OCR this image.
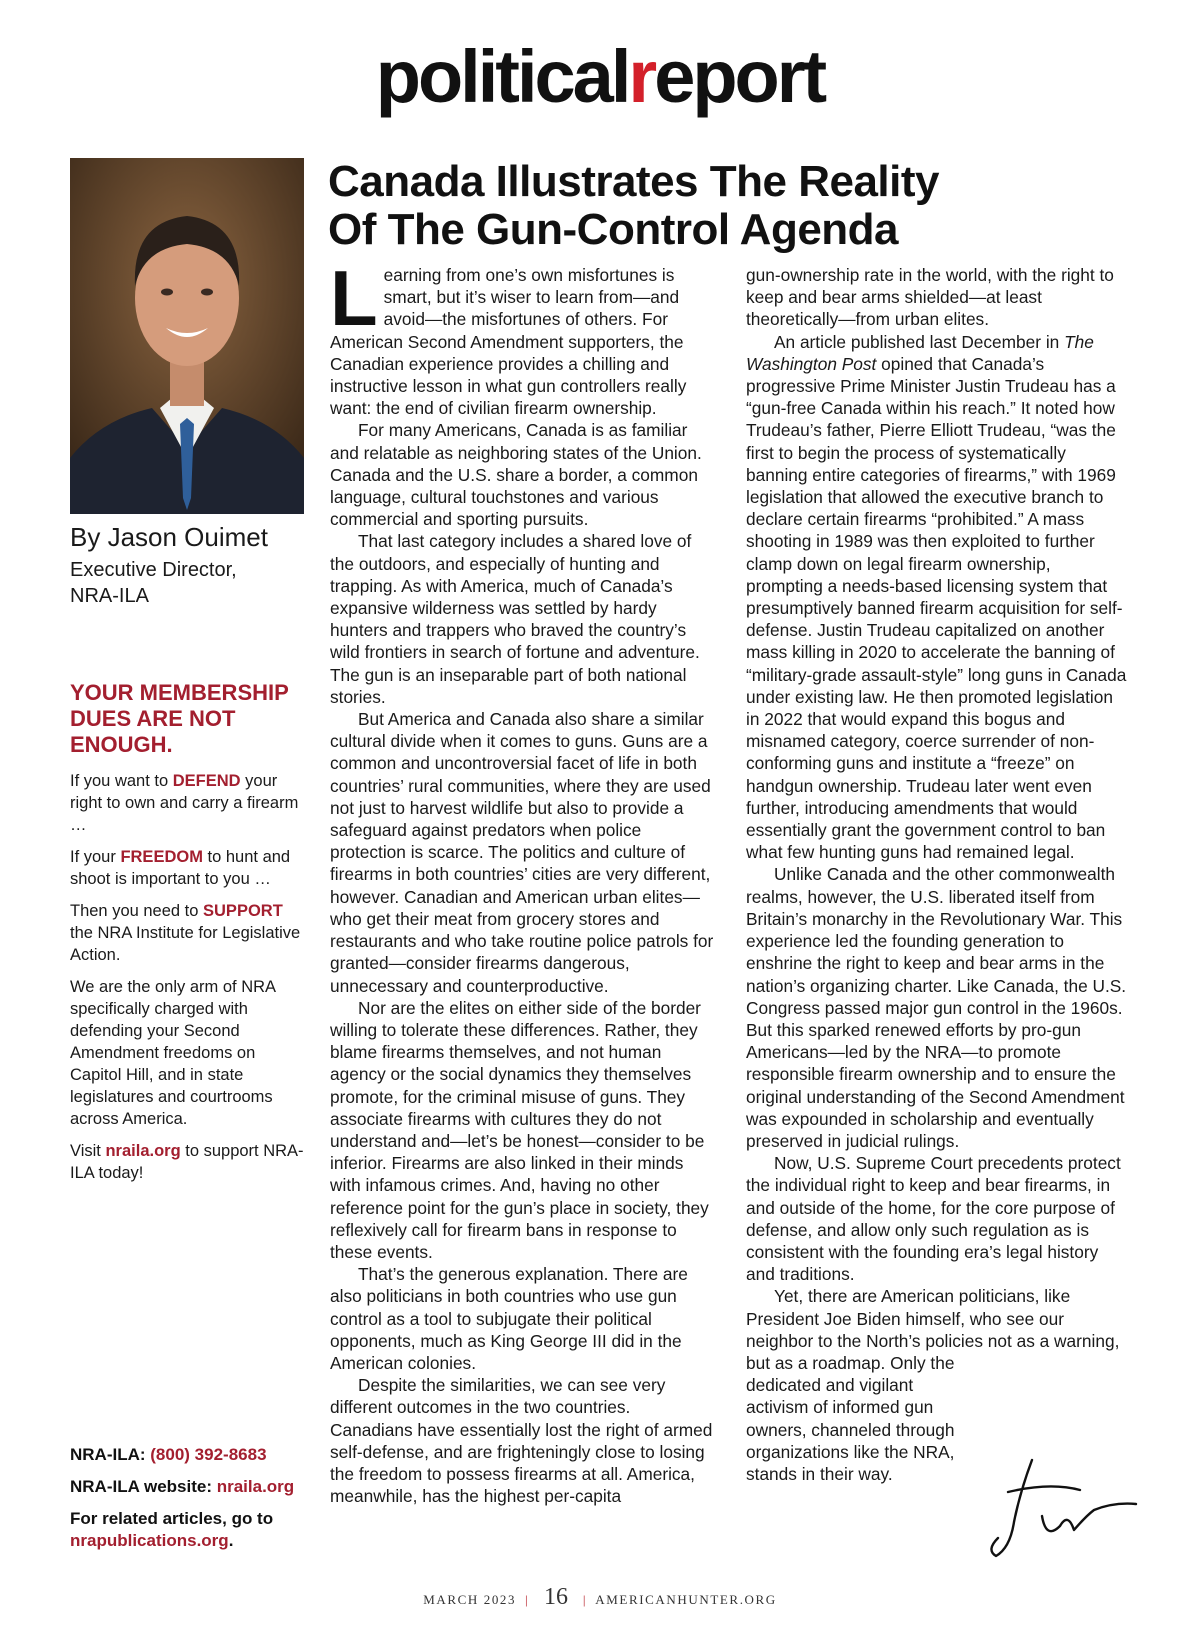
politicalreport
By Jason Ouimet
Executive Director,
NRA-ILA
YOUR MEMBERSHIP
DUES ARE NOT
ENOUGH.

If you want to DEFEND your right to own and carry a firearm …

If your FREEDOM to hunt and shoot is important to you …

Then you need to SUPPORT the NRA Institute for Legislative Action.

We are the only arm of NRA specifically charged with defending your Second Amendment freedoms on Capitol Hill, and in state legislatures and courtrooms across America.

Visit nraila.org to support NRA-ILA today!

NRA-ILA: (800) 392-8683
NRA-ILA website: nraila.org
For related articles, go to nrapublications.org.
Canada Illustrates The Reality
Of The Gun-Control Agenda

Learning from one’s own misfortunes is smart, but it’s wiser to learn from—and avoid—the misfortunes of others. For American Second Amendment supporters, the Canadian experience provides a chilling and instructive lesson in what gun controllers really want: the end of civilian firearm ownership.

For many Americans, Canada is as familiar and relatable as neighboring states of the Union. Canada and the U.S. share a border, a common language, cultural touchstones and various commercial and sporting pursuits.

That last category includes a shared love of the outdoors, and especially of hunting and trapping. As with America, much of Canada’s expansive wilderness was settled by hardy hunters and trappers who braved the country’s wild frontiers in search of fortune and adventure. The gun is an inseparable part of both national stories.

But America and Canada also share a similar cultural divide when it comes to guns. Guns are a common and uncontroversial facet of life in both countries’ rural communities, where they are used not just to harvest wildlife but also to provide a safeguard against predators when police protection is scarce. The politics and culture of firearms in both countries’ cities are very different, however. Canadian and American urban elites—who get their meat from grocery stores and restaurants and who take routine police patrols for granted—consider firearms dangerous, unnecessary and counterproductive.

Nor are the elites on either side of the border willing to tolerate these differences. Rather, they blame firearms themselves, and not human agency or the social dynamics they themselves promote, for the criminal misuse of guns. They associate firearms with cultures they do not understand and—let’s be honest—consider to be inferior. Firearms are also linked in their minds with infamous crimes. And, having no other reference point for the gun’s place in society, they reflexively call for firearm bans in response to these events.

That’s the generous explanation. There are also politicians in both countries who use gun control as a tool to subjugate their political opponents, much as King George III did in the American colonies.

Despite the similarities, we can see very different outcomes in the two countries. Canadians have essentially lost the right of armed self-defense, and are frighteningly close to losing the freedom to possess firearms at all. America, meanwhile, has the highest per-capita

gun-ownership rate in the world, with the right to keep and bear arms shielded—at least theoretically—from urban elites.

An article published last December in The Washington Post opined that Canada’s progressive Prime Minister Justin Trudeau has a “gun-free Canada within his reach.” It noted how Trudeau’s father, Pierre Elliott Trudeau, “was the first to begin the process of systematically banning entire categories of firearms,” with 1969 legislation that allowed the executive branch to declare certain firearms “prohibited.” A mass shooting in 1989 was then exploited to further clamp down on legal firearm ownership, prompting a needs-based licensing system that presumptively banned firearm acquisition for self-defense. Justin Trudeau capitalized on another mass killing in 2020 to accelerate the banning of “military-grade assault-style” long guns in Canada under existing law. He then promoted legislation in 2022 that would expand this bogus and misnamed category, coerce surrender of non-conforming guns and institute a “freeze” on handgun ownership. Trudeau later went even further, introducing amendments that would essentially grant the government control to ban what few hunting guns had remained legal.

Unlike Canada and the other commonwealth realms, however, the U.S. liberated itself from Britain’s monarchy in the Revolutionary War. This experience led the founding generation to enshrine the right to keep and bear arms in the nation’s organizing charter. Like Canada, the U.S. Congress passed major gun control in the 1960s. But this sparked renewed efforts by pro-gun Americans—led by the NRA—to promote responsible firearm ownership and to ensure the original understanding of the Second Amendment was expounded in scholarship and eventually preserved in judicial rulings.

Now, U.S. Supreme Court precedents protect the individual right to keep and bear firearms, in and outside of the home, for the core purpose of defense, and allow only such regulation as is consistent with the founding era’s legal history and traditions.

Yet, there are American politicians, like President Joe Biden himself, who see our neighbor to the North’s policies not as a warning, but as a roadmap. Only the

dedicated and vigilant activism of informed gun owners, channeled through organizations like the NRA, stands in their way.

MARCH 2023 | 16 | AMERICANHUNTER.ORG
